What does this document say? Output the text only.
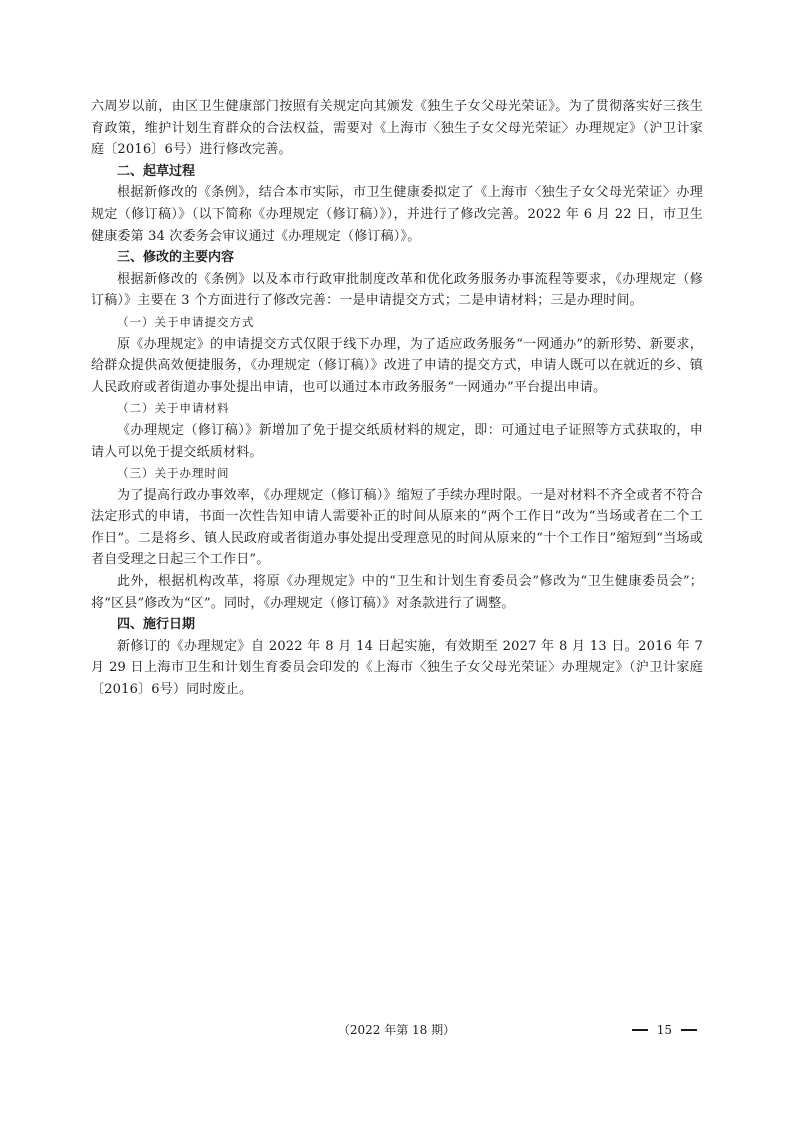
六周岁以前，由区卫生健康部门按照有关规定向其颁发《独生子女父母光荣证》。为了贯彻落实好三孩生育政策，维护计划生育群众的合法权益，需要对《上海市〈独生子女父母光荣证〉办理规定》（沪卫计家庭〔2016〕6号）进行修改完善。

二、起草过程

根据新修改的《条例》，结合本市实际，市卫生健康委拟定了《上海市〈独生子女父母光荣证〉办理规定（修订稿）》（以下简称《办理规定（修订稿）》），并进行了修改完善。2022 年 6 月 22 日，市卫生健康委第 34 次委务会审议通过《办理规定（修订稿）》。

三、修改的主要内容

根据新修改的《条例》以及本市行政审批制度改革和优化政务服务办事流程等要求，《办理规定（修订稿）》主要在 3 个方面进行了修改完善：一是申请提交方式；二是申请材料；三是办理时间。

（一）关于申请提交方式

原《办理规定》的申请提交方式仅限于线下办理，为了适应政务服务“一网通办”的新形势、新要求，给群众提供高效便捷服务，《办理规定（修订稿）》改进了申请的提交方式，申请人既可以在就近的乡、镇人民政府或者街道办事处提出申请，也可以通过本市政务服务“一网通办”平台提出申请。

（二）关于申请材料

《办理规定（修订稿）》新增加了免于提交纸质材料的规定，即：可通过电子证照等方式获取的，申请人可以免于提交纸质材料。

（三）关于办理时间

为了提高行政办事效率，《办理规定（修订稿）》缩短了手续办理时限。一是对材料不齐全或者不符合法定形式的申请，书面一次性告知申请人需要补正的时间从原来的“两个工作日”改为“当场或者在二个工作日”。二是将乡、镇人民政府或者街道办事处提出受理意见的时间从原来的“十个工作日”缩短到“当场或者自受理之日起三个工作日”。

此外，根据机构改革，将原《办理规定》中的“卫生和计划生育委员会”修改为“卫生健康委员会”；将“区县”修改为“区”。同时，《办理规定（修订稿）》对条款进行了调整。

四、施行日期

新修订的《办理规定》自 2022 年 8 月 14 日起实施，有效期至 2027 年 8 月 13 日。2016 年 7 月 29 日上海市卫生和计划生育委员会印发的《上海市〈独生子女父母光荣证〉办理规定》（沪卫计家庭〔2016〕6号）同时废止。

（2022 年第 18 期）	15
